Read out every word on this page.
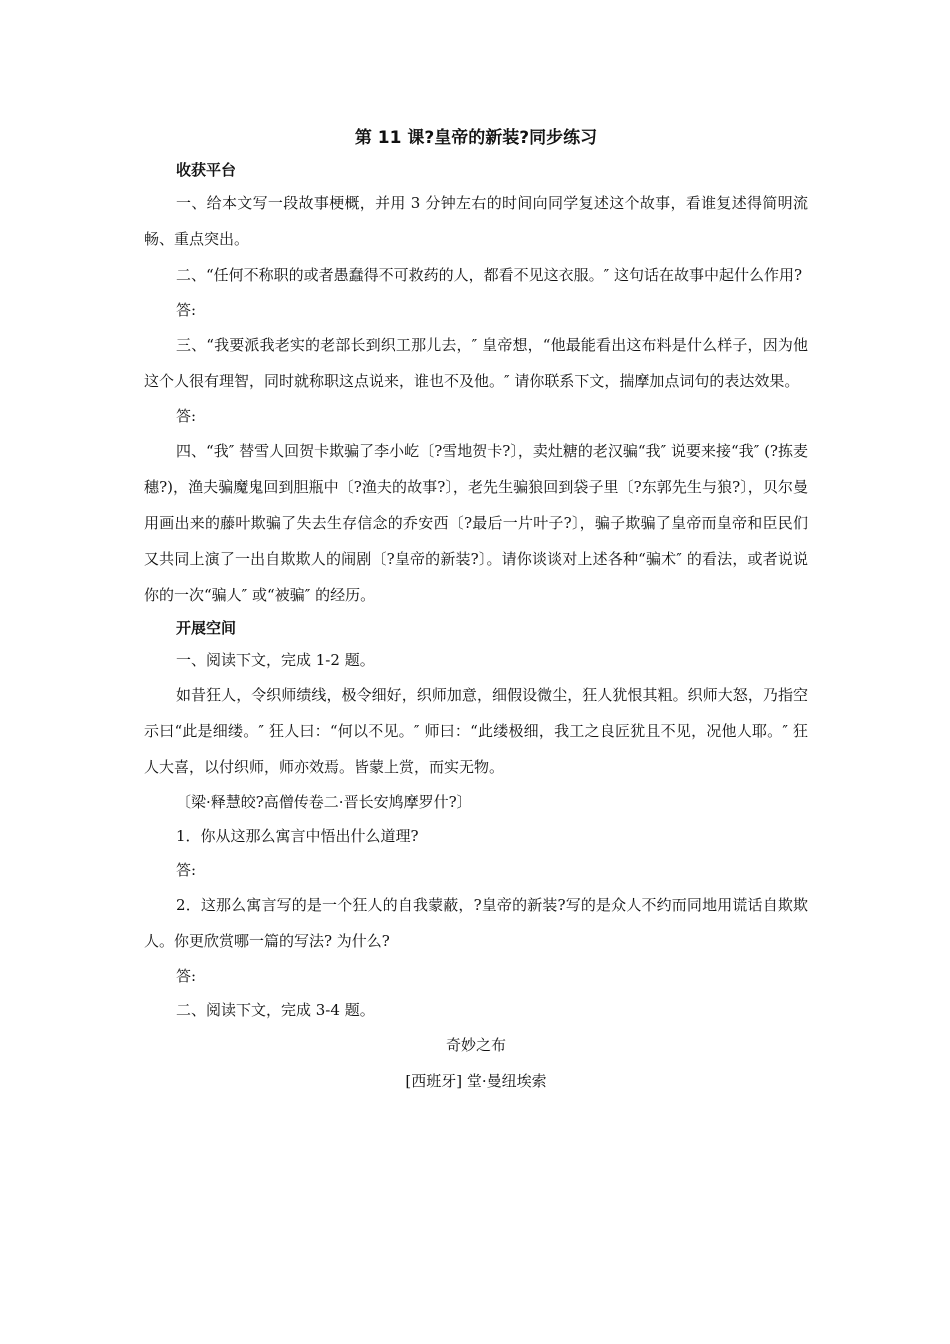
第 11 课?皇帝的新装?同步练习

收获平台

一、给本文写一段故事梗概，并用 3 分钟左右的时间向同学复述这个故事，看谁复述得简明流畅、重点突出。

二、“任何不称职的或者愚蠢得不可救药的人，都看不见这衣服。″ 这句话在故事中起什么作用?

答:

三、“我要派我老实的老部长到织工那儿去，″ 皇帝想，“他最能看出这布料是什么样子，因为他这个人很有理智，同时就称职这点说来，谁也不及他。″ 请你联系下文，揣摩加点词句的表达效果。

答:

四、“我″ 替雪人回贺卡欺骗了李小屹〔?雪地贺卡?〕，卖灶糖的老汉骗“我″ 说要来接“我″ (?拣麦穗?)，渔夫骗魔鬼回到胆瓶中〔?渔夫的故事?〕，老先生骗狼回到袋子里〔?东郭先生与狼?〕，贝尔曼用画出来的藤叶欺骗了失去生存信念的乔安西〔?最后一片叶子?〕，骗子欺骗了皇帝而皇帝和臣民们又共同上演了一出自欺欺人的闹剧〔?皇帝的新装?〕。请你谈谈对上述各种“骗术″ 的看法，或者说说你的一次“骗人″ 或“被骗″ 的经历。

开展空间

一、阅读下文，完成 1-2 题。

如昔狂人，令织师绩线，极令细好，织师加意，细假设微尘，狂人犹恨其粗。织师大怒，乃指空示曰“此是细缕。″ 狂人曰：“何以不见。″ 师曰：“此缕极细，我工之良匠犹且不见，况他人耶。″ 狂人大喜，以付织师，师亦效焉。皆蒙上赏，而实无物。

〔梁·释慧皎?高僧传卷二·晋长安鸠摩罗什?〕

1．你从这那么寓言中悟出什么道理?

答:

2．这那么寓言写的是一个狂人的自我蒙蔽，?皇帝的新装?写的是众人不约而同地用谎话自欺欺人。你更欣赏哪一篇的写法? 为什么?

答:

二、阅读下文，完成 3-4 题。

奇妙之布

[西班牙] 堂·曼纽埃索
